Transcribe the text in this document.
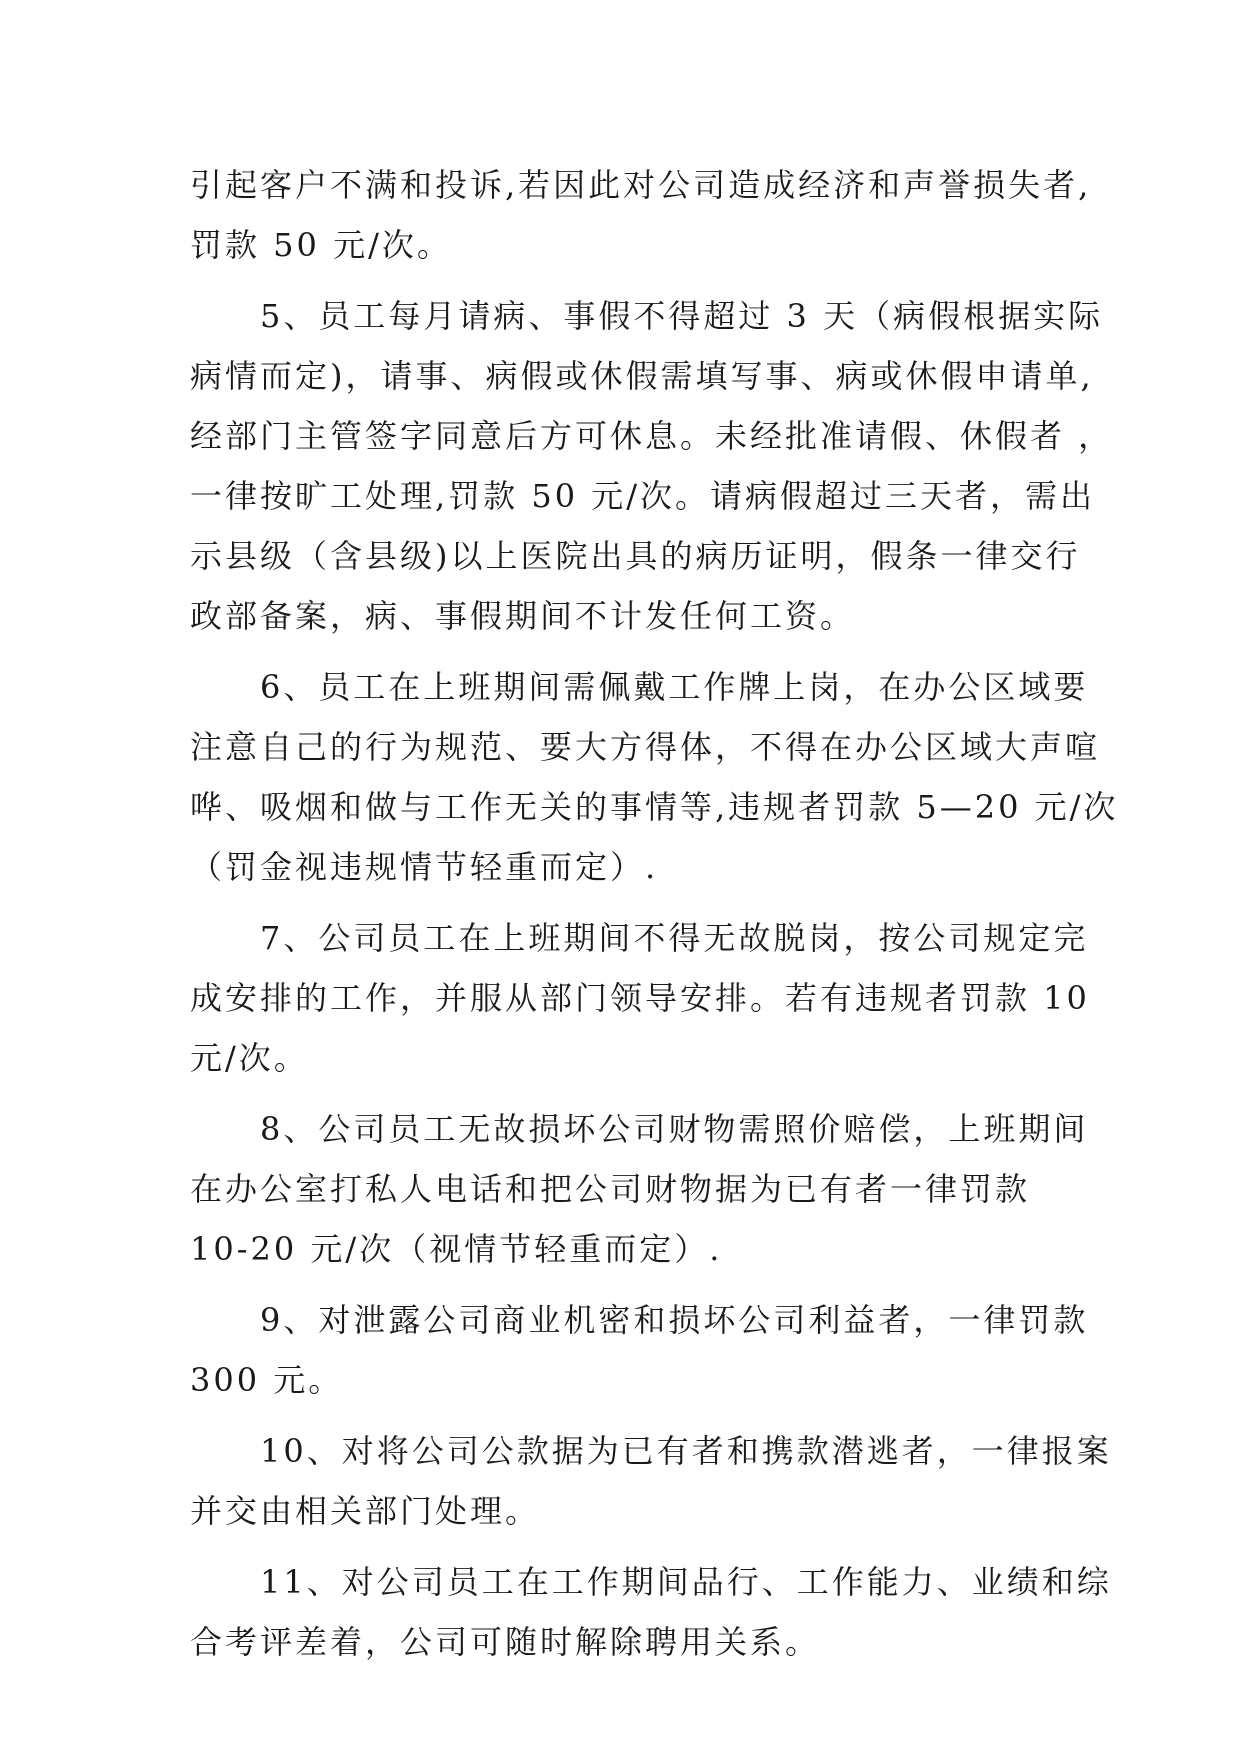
引起客户不满和投诉,若因此对公司造成经济和声誉损失者,
罚款 50 元/次。
5、员工每月请病、事假不得超过 3 天（病假根据实际
病情而定)，请事、病假或休假需填写事、病或休假申请单,
经部门主管签字同意后方可休息。未经批准请假、休假者 ，
一律按旷工处理,罚款 50 元/次。请病假超过三天者，需出
示县级（含县级)以上医院出具的病历证明，假条一律交行
政部备案，病、事假期间不计发任何工资。
6、员工在上班期间需佩戴工作牌上岗，在办公区域要
注意自己的行为规范、要大方得体，不得在办公区域大声喧
哗、吸烟和做与工作无关的事情等,违规者罚款 5—20 元/次
（罚金视违规情节轻重而定）.
7、公司员工在上班期间不得无故脱岗，按公司规定完
成安排的工作，并服从部门领导安排。若有违规者罚款 10
元/次。
8、公司员工无故损坏公司财物需照价赔偿，上班期间
在办公室打私人电话和把公司财物据为已有者一律罚款
10-20 元/次（视情节轻重而定）.
9、对泄露公司商业机密和损坏公司利益者，一律罚款
300 元。
10、对将公司公款据为已有者和携款潜逃者，一律报案
并交由相关部门处理。
11、对公司员工在工作期间品行、工作能力、业绩和综
合考评差着，公司可随时解除聘用关系。
